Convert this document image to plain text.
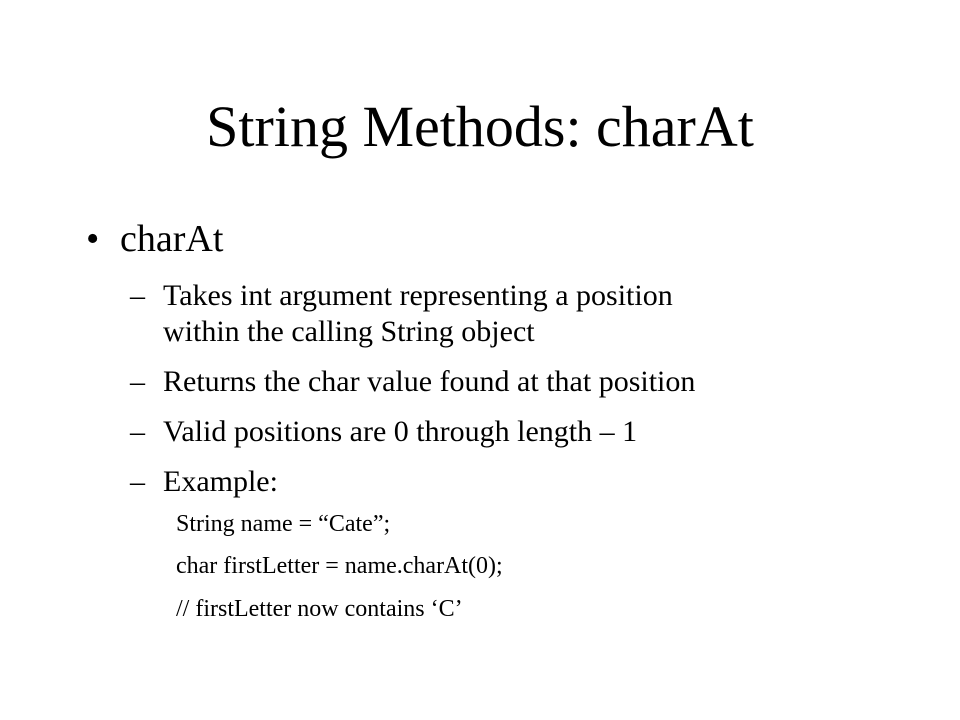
String Methods: charAt
• charAt
– Takes int argument representing a position
within the calling String object
– Returns the char value found at that position
– Valid positions are 0 through length – 1
– Example:
String name = “Cate”;
char firstLetter = name.charAt(0);
// firstLetter now contains ‘C’
